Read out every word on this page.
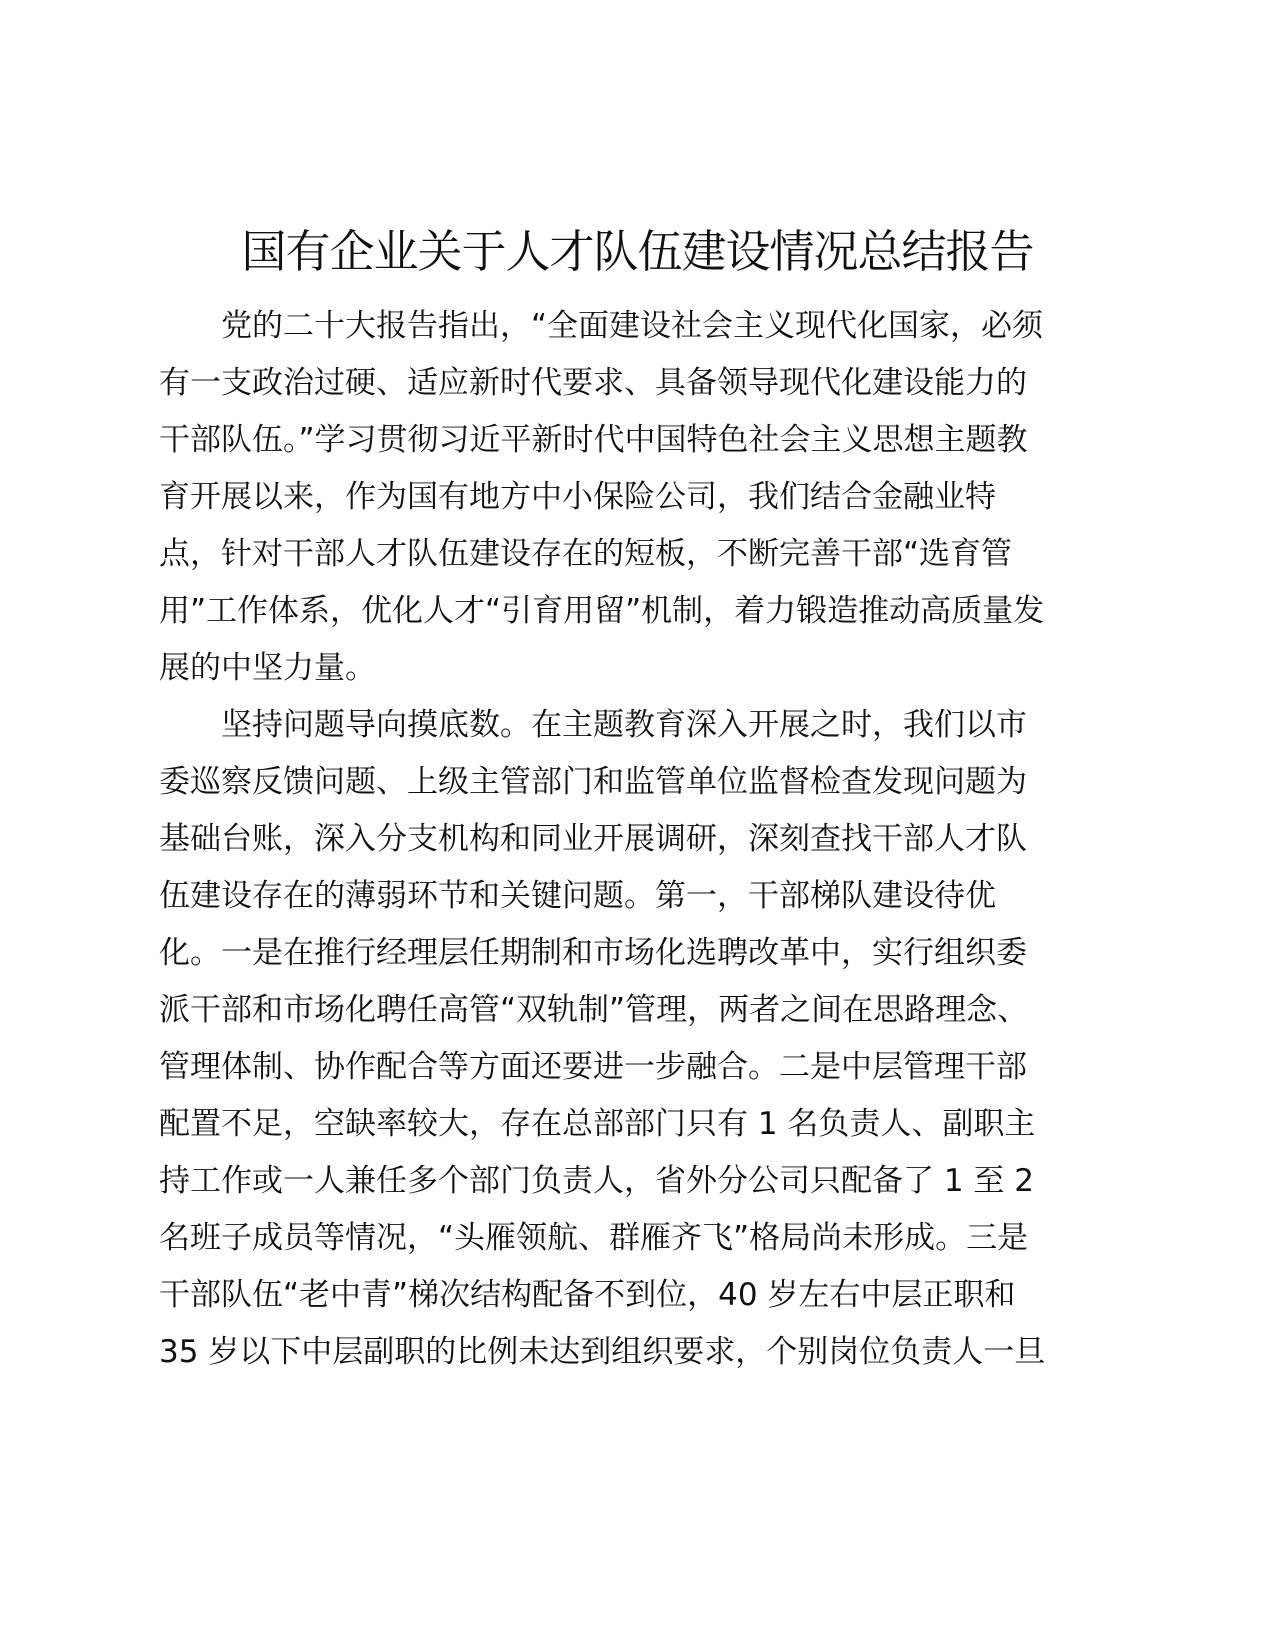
国有企业关于人才队伍建设情况总结报告
党的二十大报告指出，“全面建设社会主义现代化国家，必须
有一支政治过硬、适应新时代要求、具备领导现代化建设能力的
干部队伍。”学习贯彻习近平新时代中国特色社会主义思想主题教
育开展以来，作为国有地方中小保险公司，我们结合金融业特
点，针对干部人才队伍建设存在的短板，不断完善干部“选育管
用”工作体系，优化人才“引育用留”机制，着力锻造推动高质量发
展的中坚力量。
坚持问题导向摸底数。在主题教育深入开展之时，我们以市
委巡察反馈问题、上级主管部门和监管单位监督检查发现问题为
基础台账，深入分支机构和同业开展调研，深刻查找干部人才队
伍建设存在的薄弱环节和关键问题。第一，干部梯队建设待优
化。一是在推行经理层任期制和市场化选聘改革中，实行组织委
派干部和市场化聘任高管“双轨制”管理，两者之间在思路理念、
管理体制、协作配合等方面还要进一步融合。二是中层管理干部
配置不足，空缺率较大，存在总部部门只有 1 名负责人、副职主
持工作或一人兼任多个部门负责人，省外分公司只配备了 1 至 2
名班子成员等情况，“头雁领航、群雁齐飞”格局尚未形成。三是
干部队伍“老中青”梯次结构配备不到位，40 岁左右中层正职和
35 岁以下中层副职的比例未达到组织要求，个别岗位负责人一旦
